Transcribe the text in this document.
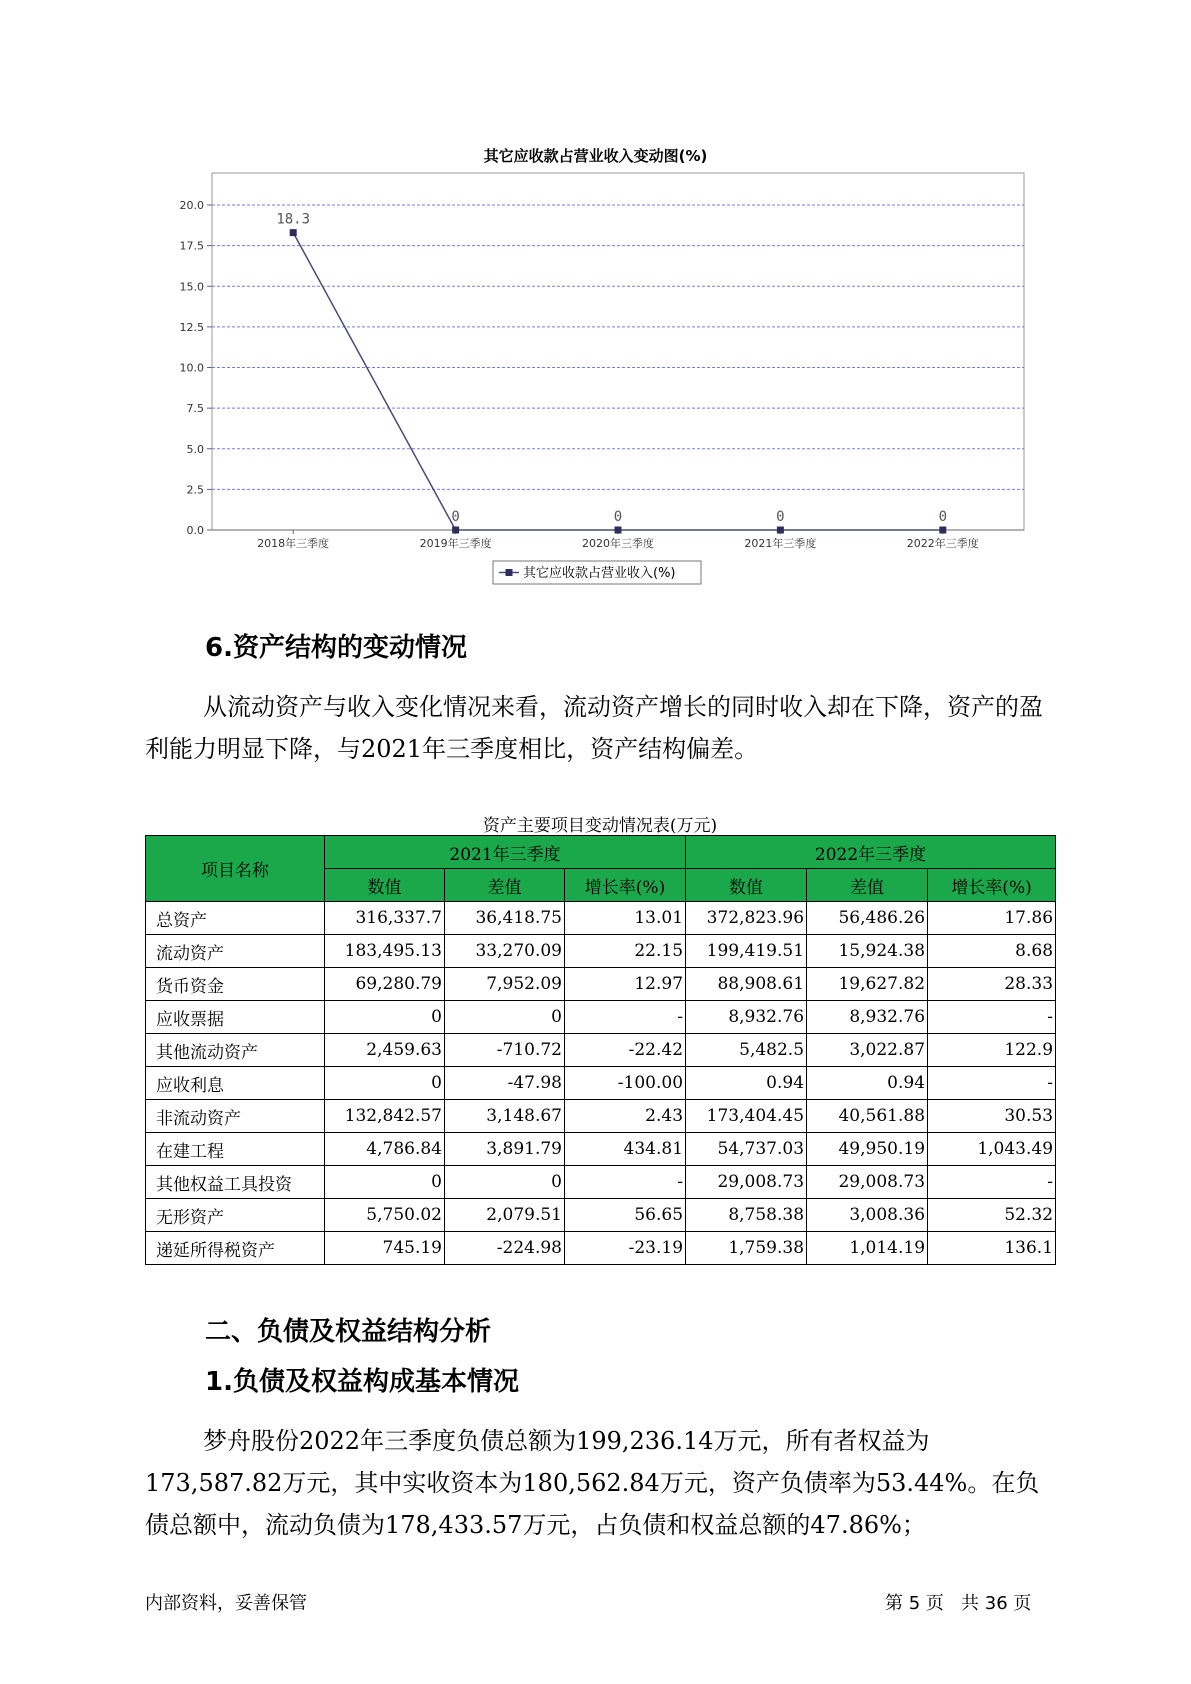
其它应收款占营业收入变动图(%)
0.0
2.5
5.0
7.5
10.0
12.5
15.0
17.5
20.0
2018年三季度	2019年三季度	2020年三季度	2021年三季度	2022年三季度
18.3
0	0	0	0
其它应收款占营业收入(%)
6.资产结构的变动情况

从流动资产与收入变化情况来看，流动资产增长的同时收入却在下降，资产的盈利能力明显下降，与2021年三季度相比，资产结构偏差。

资产主要项目变动情况表(万元)
项目名称	2021年三季度			2022年三季度		
	数值	差值	增长率(%)	数值	差值	增长率(%)
总资产	316,337.7	36,418.75	13.01	372,823.96	56,486.26	17.86
流动资产	183,495.13	33,270.09	22.15	199,419.51	15,924.38	8.68
货币资金	69,280.79	7,952.09	12.97	88,908.61	19,627.82	28.33
应收票据	0	0	-	8,932.76	8,932.76	-
其他流动资产	2,459.63	-710.72	-22.42	5,482.5	3,022.87	122.9
应收利息	0	-47.98	-100.00	0.94	0.94	-
非流动资产	132,842.57	3,148.67	2.43	173,404.45	40,561.88	30.53
在建工程	4,786.84	3,891.79	434.81	54,737.03	49,950.19	1,043.49
其他权益工具投资	0	0	-	29,008.73	29,008.73	-
无形资产	5,750.02	2,079.51	56.65	8,758.38	3,008.36	52.32
递延所得税资产	745.19	-224.98	-23.19	1,759.38	1,014.19	136.1
二、负债及权益结构分析
1.负债及权益构成基本情况

梦舟股份2022年三季度负债总额为199,236.14万元，所有者权益为173,587.82万元，其中实收资本为180,562.84万元，资产负债率为53.44%。在负债总额中，流动负债为178,433.57万元，占负债和权益总额的47.86%；

内部资料，妥善保管	第 5 页   共 36 页
